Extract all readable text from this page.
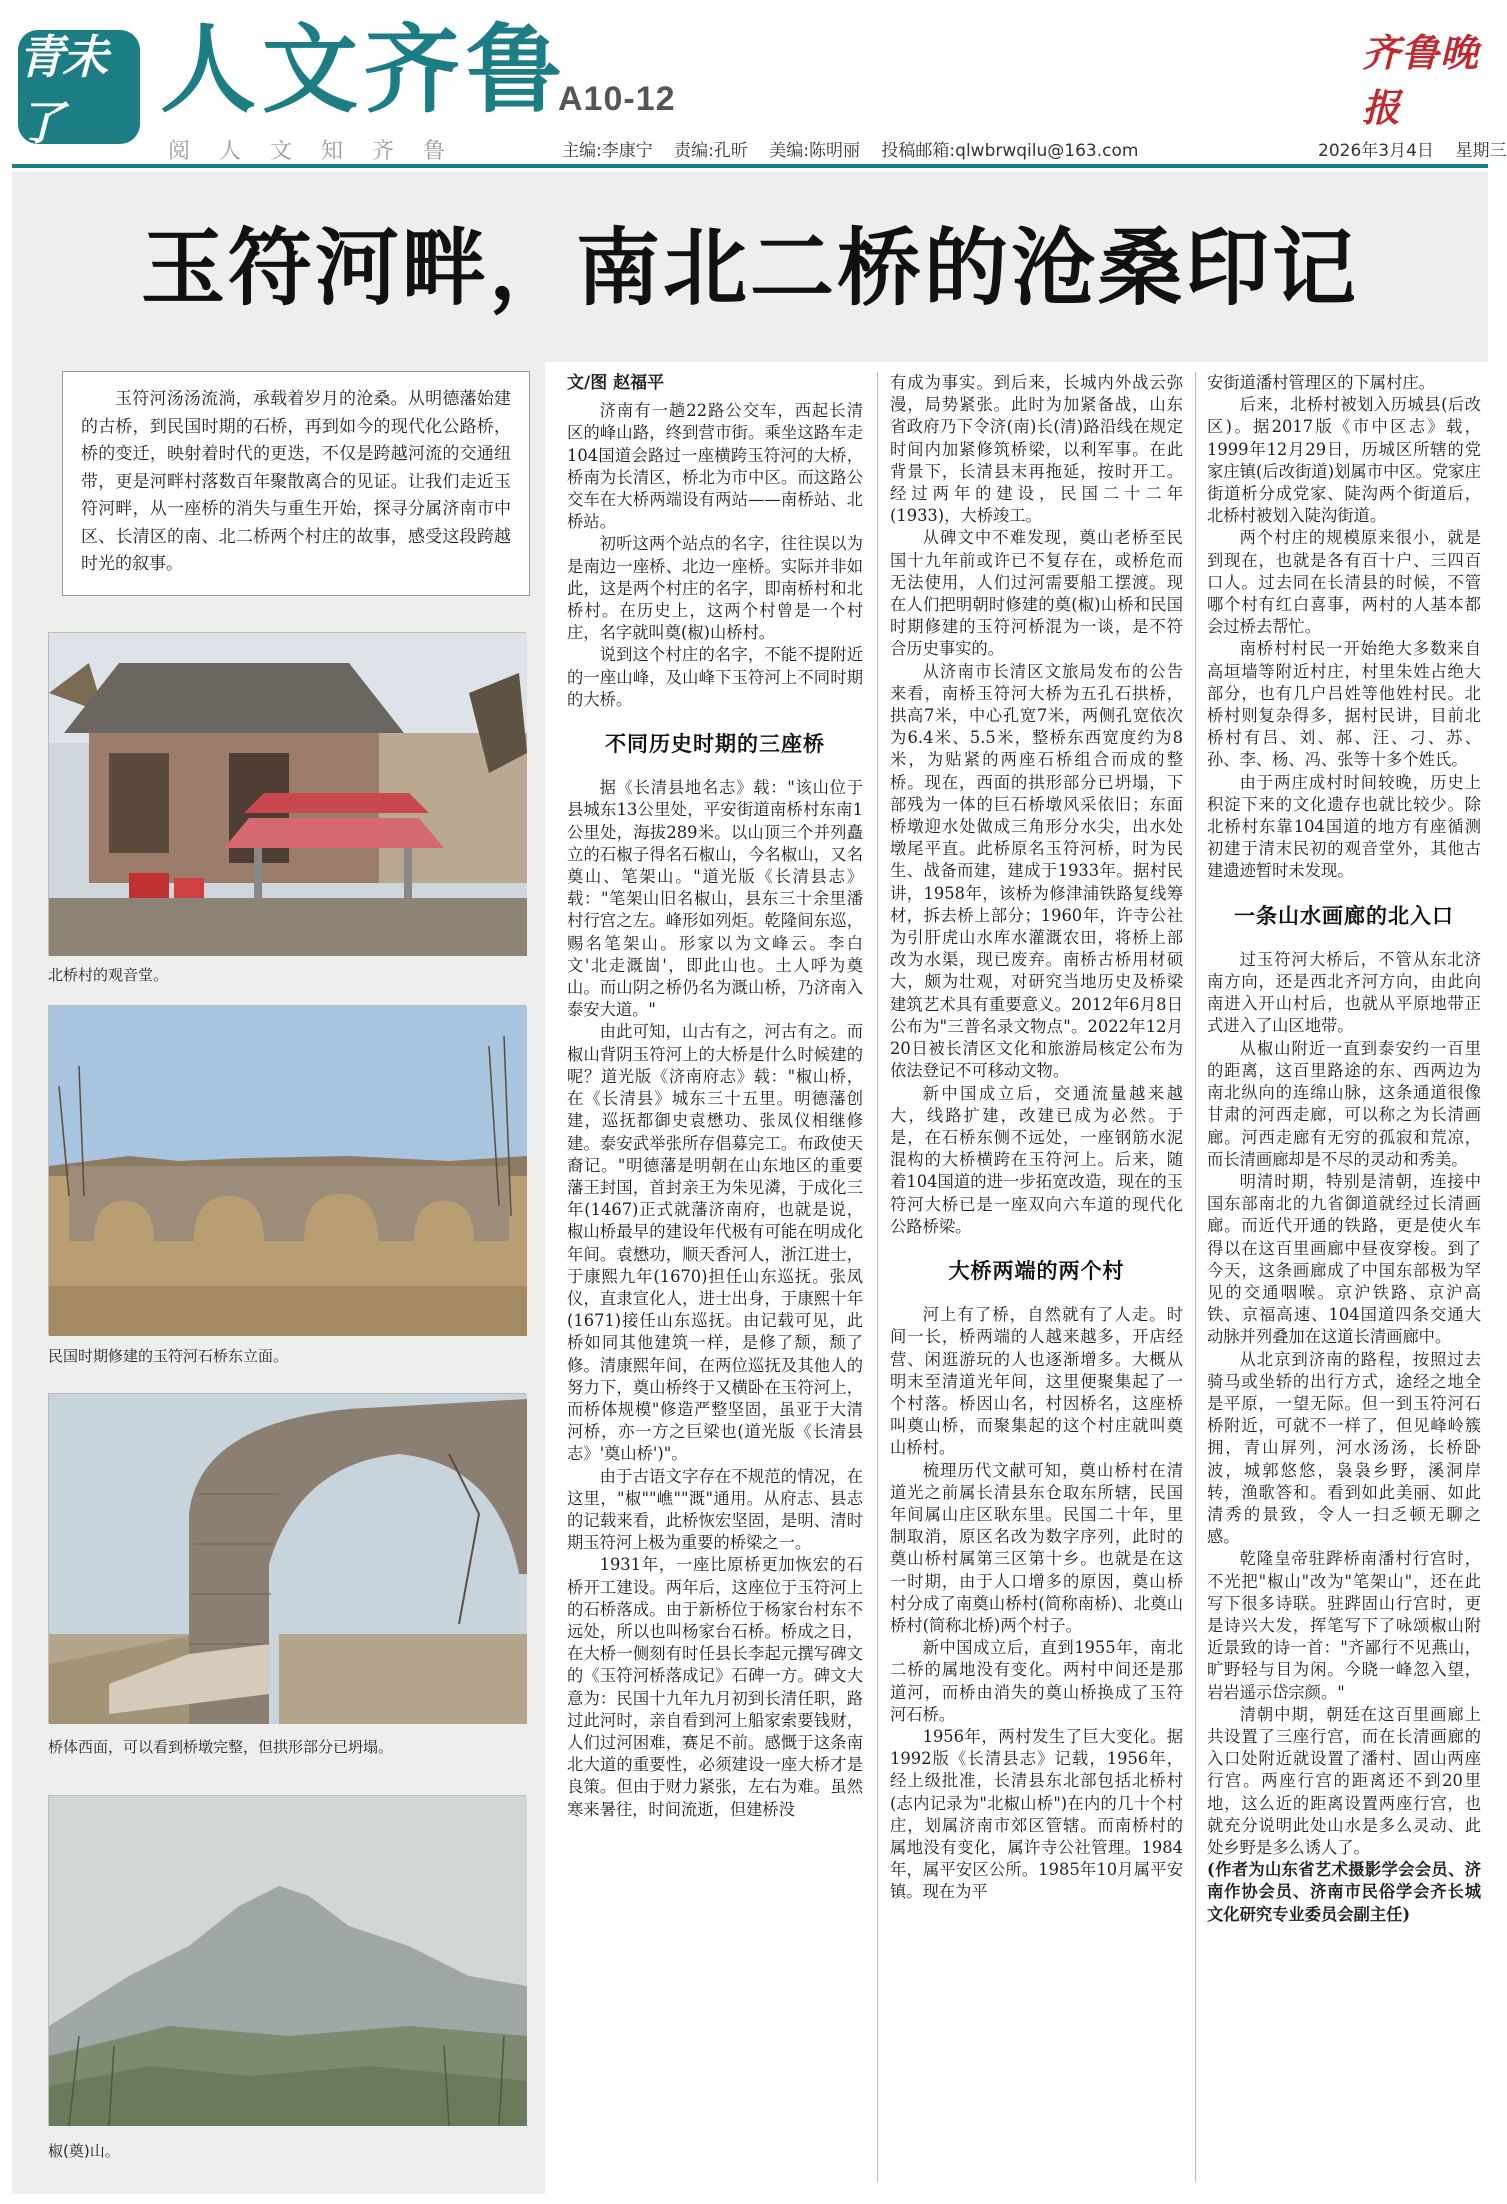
青未了	人文齐鲁
A10-12
阅人文知齐鲁	主编:李康宁 责编:孔昕 美编:陈明丽 投稿邮箱:qlwbrwqilu@163.com	2026年3月4日 星期三
齐鲁晚报
玉符河畔，南北二桥的沧桑印记
玉符河汤汤流淌，承载着岁月的沧桑。从明德藩始建的古桥，到民国时期的石桥，再到如今的现代化公路桥，桥的变迁，映射着时代的更迭，不仅是跨越河流的交通纽带，更是河畔村落数百年聚散离合的见证。让我们走近玉符河畔，从一座桥的消失与重生开始，探寻分属济南市中区、长清区的南、北二桥两个村庄的故事，感受这段跨越时光的叙事。
北桥村的观音堂。
民国时期修建的玉符河石桥东立面。
桥体西面，可以看到桥墩完整，但拱形部分已坍塌。
椒(奠)山。

文/图 赵福平

济南有一趟22路公交车，西起长清区的峰山路，终到营市街。乘坐这路车走104国道会路过一座横跨玉符河的大桥，桥南为长清区，桥北为市中区。而这路公交车在大桥两端设有两站——南桥站、北桥站。

初听这两个站点的名字，往往误以为是南边一座桥、北边一座桥。实际并非如此，这是两个村庄的名字，即南桥村和北桥村。在历史上，这两个村曾是一个村庄，名字就叫奠(椒)山桥村。

说到这个村庄的名字，不能不提附近的一座山峰，及山峰下玉符河上不同时期的大桥。

不同历史时期的三座桥

据《长清县地名志》载："该山位于县城东13公里处，平安街道南桥村东南1公里处，海拔289米。以山顶三个并列矗立的石椒子得名石椒山，今名椒山，又名奠山、笔架山。"道光版《长清县志》载："笔架山旧名椒山，县东三十余里潘村行宫之左。峰形如列炬。乾隆间东巡，赐名笔架山。形家以为文峰云。李白文'北走溉崮'，即此山也。土人呼为奠山。而山阴之桥仍名为溉山桥，乃济南入泰安大道。"

由此可知，山古有之，河古有之。而椒山背阴玉符河上的大桥是什么时候建的呢？道光版《济南府志》载："椒山桥，在《长清县》城东三十五里。明德藩创建，巡抚都御史袁懋功、张凤仪相继修建。泰安武举张所存倡募完工。布政使天裔记。"明德藩是明朝在山东地区的重要藩王封国，首封亲王为朱见潾，于成化三年(1467)正式就藩济南府，也就是说，椒山桥最早的建设年代极有可能在明成化年间。袁懋功，顺天香河人，浙江进士，于康熙九年(1670)担任山东巡抚。张凤仪，直隶宣化人，进士出身，于康熙十年(1671)接任山东巡抚。由记载可见，此桥如同其他建筑一样，是修了颓，颓了修。清康熙年间，在两位巡抚及其他人的努力下，奠山桥终于又横卧在玉符河上，而桥体规模"修造严整坚固，虽亚于大清河桥，亦一方之巨梁也(道光版《长清县志》'奠山桥')"。

由于古语文字存在不规范的情况，在这里，"椒""嶕""溉"通用。从府志、县志的记载来看，此桥恢宏坚固，是明、清时期玉符河上极为重要的桥梁之一。

1931年，一座比原桥更加恢宏的石桥开工建设。两年后，这座位于玉符河上的石桥落成。由于新桥位于杨家台村东不远处，所以也叫杨家台石桥。桥成之日，在大桥一侧刻有时任县长李起元撰写碑文的《玉符河桥落成记》石碑一方。碑文大意为：民国十九年九月初到长清任职，路过此河时，亲自看到河上船家索要钱财，人们过河困难，赛足不前。感慨于这条南北大道的重要性，必须建设一座大桥才是良策。但由于财力紧张，左右为难。虽然寒来暑往，时间流逝，但建桥没

有成为事实。到后来，长城内外战云弥漫，局势紧张。此时为加紧备战，山东省政府乃下令济(南)长(清)路沿线在规定时间内加紧修筑桥梁，以利军事。在此背景下，长清县末再拖延，按时开工。经过两年的建设，民国二十二年(1933)，大桥竣工。

从碑文中不难发现，奠山老桥至民国十九年前或许已不复存在，或桥危而无法使用，人们过河需要船工摆渡。现在人们把明朝时修建的奠(椒)山桥和民国时期修建的玉符河桥混为一谈，是不符合历史事实的。

从济南市长清区文旅局发布的公告来看，南桥玉符河大桥为五孔石拱桥，拱高7米，中心孔宽7米，两侧孔宽依次为6.4米、5.5米，整桥东西宽度约为8米，为贴紧的两座石桥组合而成的整桥。现在，西面的拱形部分已坍塌，下部残为一体的巨石桥墩风采依旧；东面桥墩迎水处做成三角形分水尖，出水处墩尾平直。此桥原名玉符河桥，时为民生、战备而建，建成于1933年。据村民讲，1958年，该桥为修津浦铁路复线筹材，拆去桥上部分；1960年，许寺公社为引肝虎山水库水灌溉农田，将桥上部改为水渠，现已废弃。南桥古桥用材硕大，颇为壮观，对研究当地历史及桥梁建筑艺术具有重要意义。2012年6月8日公布为"三普名录文物点"。2022年12月20日被长清区文化和旅游局核定公布为依法登记不可移动文物。

新中国成立后，交通流量越来越大，线路扩建，改建已成为必然。于是，在石桥东侧不远处，一座钢筋水泥混构的大桥横跨在玉符河上。后来，随着104国道的进一步拓宽改造，现在的玉符河大桥已是一座双向六车道的现代化公路桥梁。

大桥两端的两个村

河上有了桥，自然就有了人走。时间一长，桥两端的人越来越多，开店经营、闲逛游玩的人也逐渐增多。大概从明末至清道光年间，这里便聚集起了一个村落。桥因山名，村因桥名，这座桥叫奠山桥，而聚集起的这个村庄就叫奠山桥村。

梳理历代文献可知，奠山桥村在清道光之前属长清县东仓取东所辖，民国年间属山庄区耿东里。民国二十年，里制取消，原区名改为数字序列，此时的奠山桥村属第三区第十乡。也就是在这一时期，由于人口增多的原因，奠山桥村分成了南奠山桥村(简称南桥)、北奠山桥村(简称北桥)两个村子。

新中国成立后，直到1955年，南北二桥的属地没有变化。两村中间还是那道河，而桥由消失的奠山桥换成了玉符河石桥。

1956年，两村发生了巨大变化。据1992版《长清县志》记载，1956年，经上级批准，长清县东北部包括北桥村(志内记录为"北椒山桥")在内的几十个村庄，划属济南市郊区管辖。而南桥村的属地没有变化，属许寺公社管理。1984年，属平安区公所。1985年10月属平安镇。现在为平

安街道潘村管理区的下属村庄。

后来，北桥村被划入历城县(后改区)。据2017版《市中区志》载，1999年12月29日，历城区所辖的党家庄镇(后改街道)划属市中区。党家庄街道析分成党家、陡沟两个街道后，北桥村被划入陡沟街道。

两个村庄的规模原来很小，就是到现在，也就是各有百十户、三四百口人。过去同在长清县的时候，不管哪个村有红白喜事，两村的人基本都会过桥去帮忙。

南桥村村民一开始绝大多数来自高垣墙等附近村庄，村里朱姓占绝大部分，也有几户吕姓等他姓村民。北桥村则复杂得多，据村民讲，目前北桥村有吕、刘、郝、汪、刁、苏、孙、李、杨、冯、张等十多个姓氏。

由于两庄成村时间较晚，历史上积淀下来的文化遗存也就比较少。除北桥村东靠104国道的地方有座循测初建于清末民初的观音堂外，其他古建遗迹暂时未发现。

一条山水画廊的北入口

过玉符河大桥后，不管从东北济南方向，还是西北齐河方向，由此向南进入开山村后，也就从平原地带正式进入了山区地带。

从椒山附近一直到泰安约一百里的距离，这百里路途的东、西两边为南北纵向的连绵山脉，这条通道很像甘肃的河西走廊，可以称之为长清画廊。河西走廊有无穷的孤寂和荒凉，而长清画廊却是不尽的灵动和秀美。

明清时期，特别是清朝，连接中国东部南北的九省御道就经过长清画廊。而近代开通的铁路，更是使火车得以在这百里画廊中昼夜穿梭。到了今天，这条画廊成了中国东部极为罕见的交通咽喉。京沪铁路、京沪高铁、京福高速、104国道四条交通大动脉并列叠加在这道长清画廊中。

从北京到济南的路程，按照过去骑马或坐轿的出行方式，途经之地全是平原，一望无际。但一到玉符河石桥附近，可就不一样了，但见峰岭簇拥，青山屏列，河水汤汤，长桥卧波，城郭悠悠，袅袅乡野，溪洞岸转，渔歌答和。看到如此美丽、如此清秀的景致，令人一扫乏顿无聊之感。

乾隆皇帝驻跸桥南潘村行宫时，不光把"椒山"改为"笔架山"，还在此写下很多诗联。驻跸固山行宫时，更是诗兴大发，挥笔写下了咏颂椒山附近景致的诗一首："齐鄙行不见燕山，旷野轻与目为闲。今晓一峰忽入望，岩岩遥示岱宗颜。"

清朝中期，朝廷在这百里画廊上共设置了三座行宫，而在长清画廊的入口处附近就设置了潘村、固山两座行宫。两座行宫的距离还不到20里地，这么近的距离设置两座行宫，也就充分说明此处山水是多么灵动、此处乡野是多么诱人了。

(作者为山东省艺术摄影学会会员、济南作协会员、济南市民俗学会齐长城文化研究专业委员会副主任)
